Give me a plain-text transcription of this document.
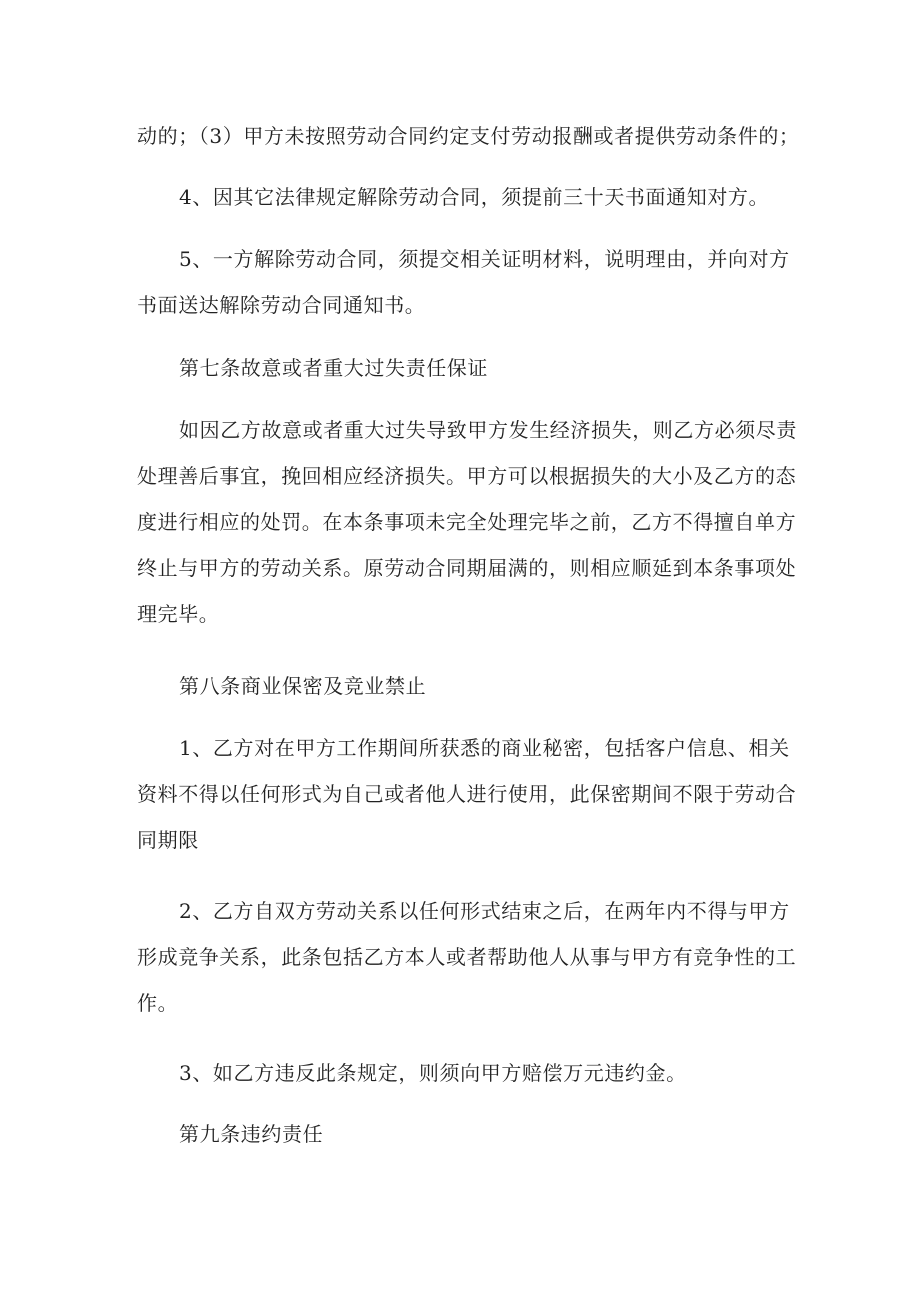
动的；（3）甲方未按照劳动合同约定支付劳动报酬或者提供劳动条件的；

4、因其它法律规定解除劳动合同，须提前三十天书面通知对方。

5、一方解除劳动合同，须提交相关证明材料，说明理由，并向对方
书面送达解除劳动合同通知书。

第七条故意或者重大过失责任保证

如因乙方故意或者重大过失导致甲方发生经济损失，则乙方必须尽责
处理善后事宜，挽回相应经济损失。甲方可以根据损失的大小及乙方的态
度进行相应的处罚。在本条事项未完全处理完毕之前，乙方不得擅自单方
终止与甲方的劳动关系。原劳动合同期届满的，则相应顺延到本条事项处
理完毕。

第八条商业保密及竞业禁止

1、乙方对在甲方工作期间所获悉的商业秘密，包括客户信息、相关
资料不得以任何形式为自己或者他人进行使用，此保密期间不限于劳动合
同期限

2、乙方自双方劳动关系以任何形式结束之后，在两年内不得与甲方
形成竞争关系，此条包括乙方本人或者帮助他人从事与甲方有竞争性的工
作。

3、如乙方违反此条规定，则须向甲方赔偿万元违约金。

第九条违约责任
